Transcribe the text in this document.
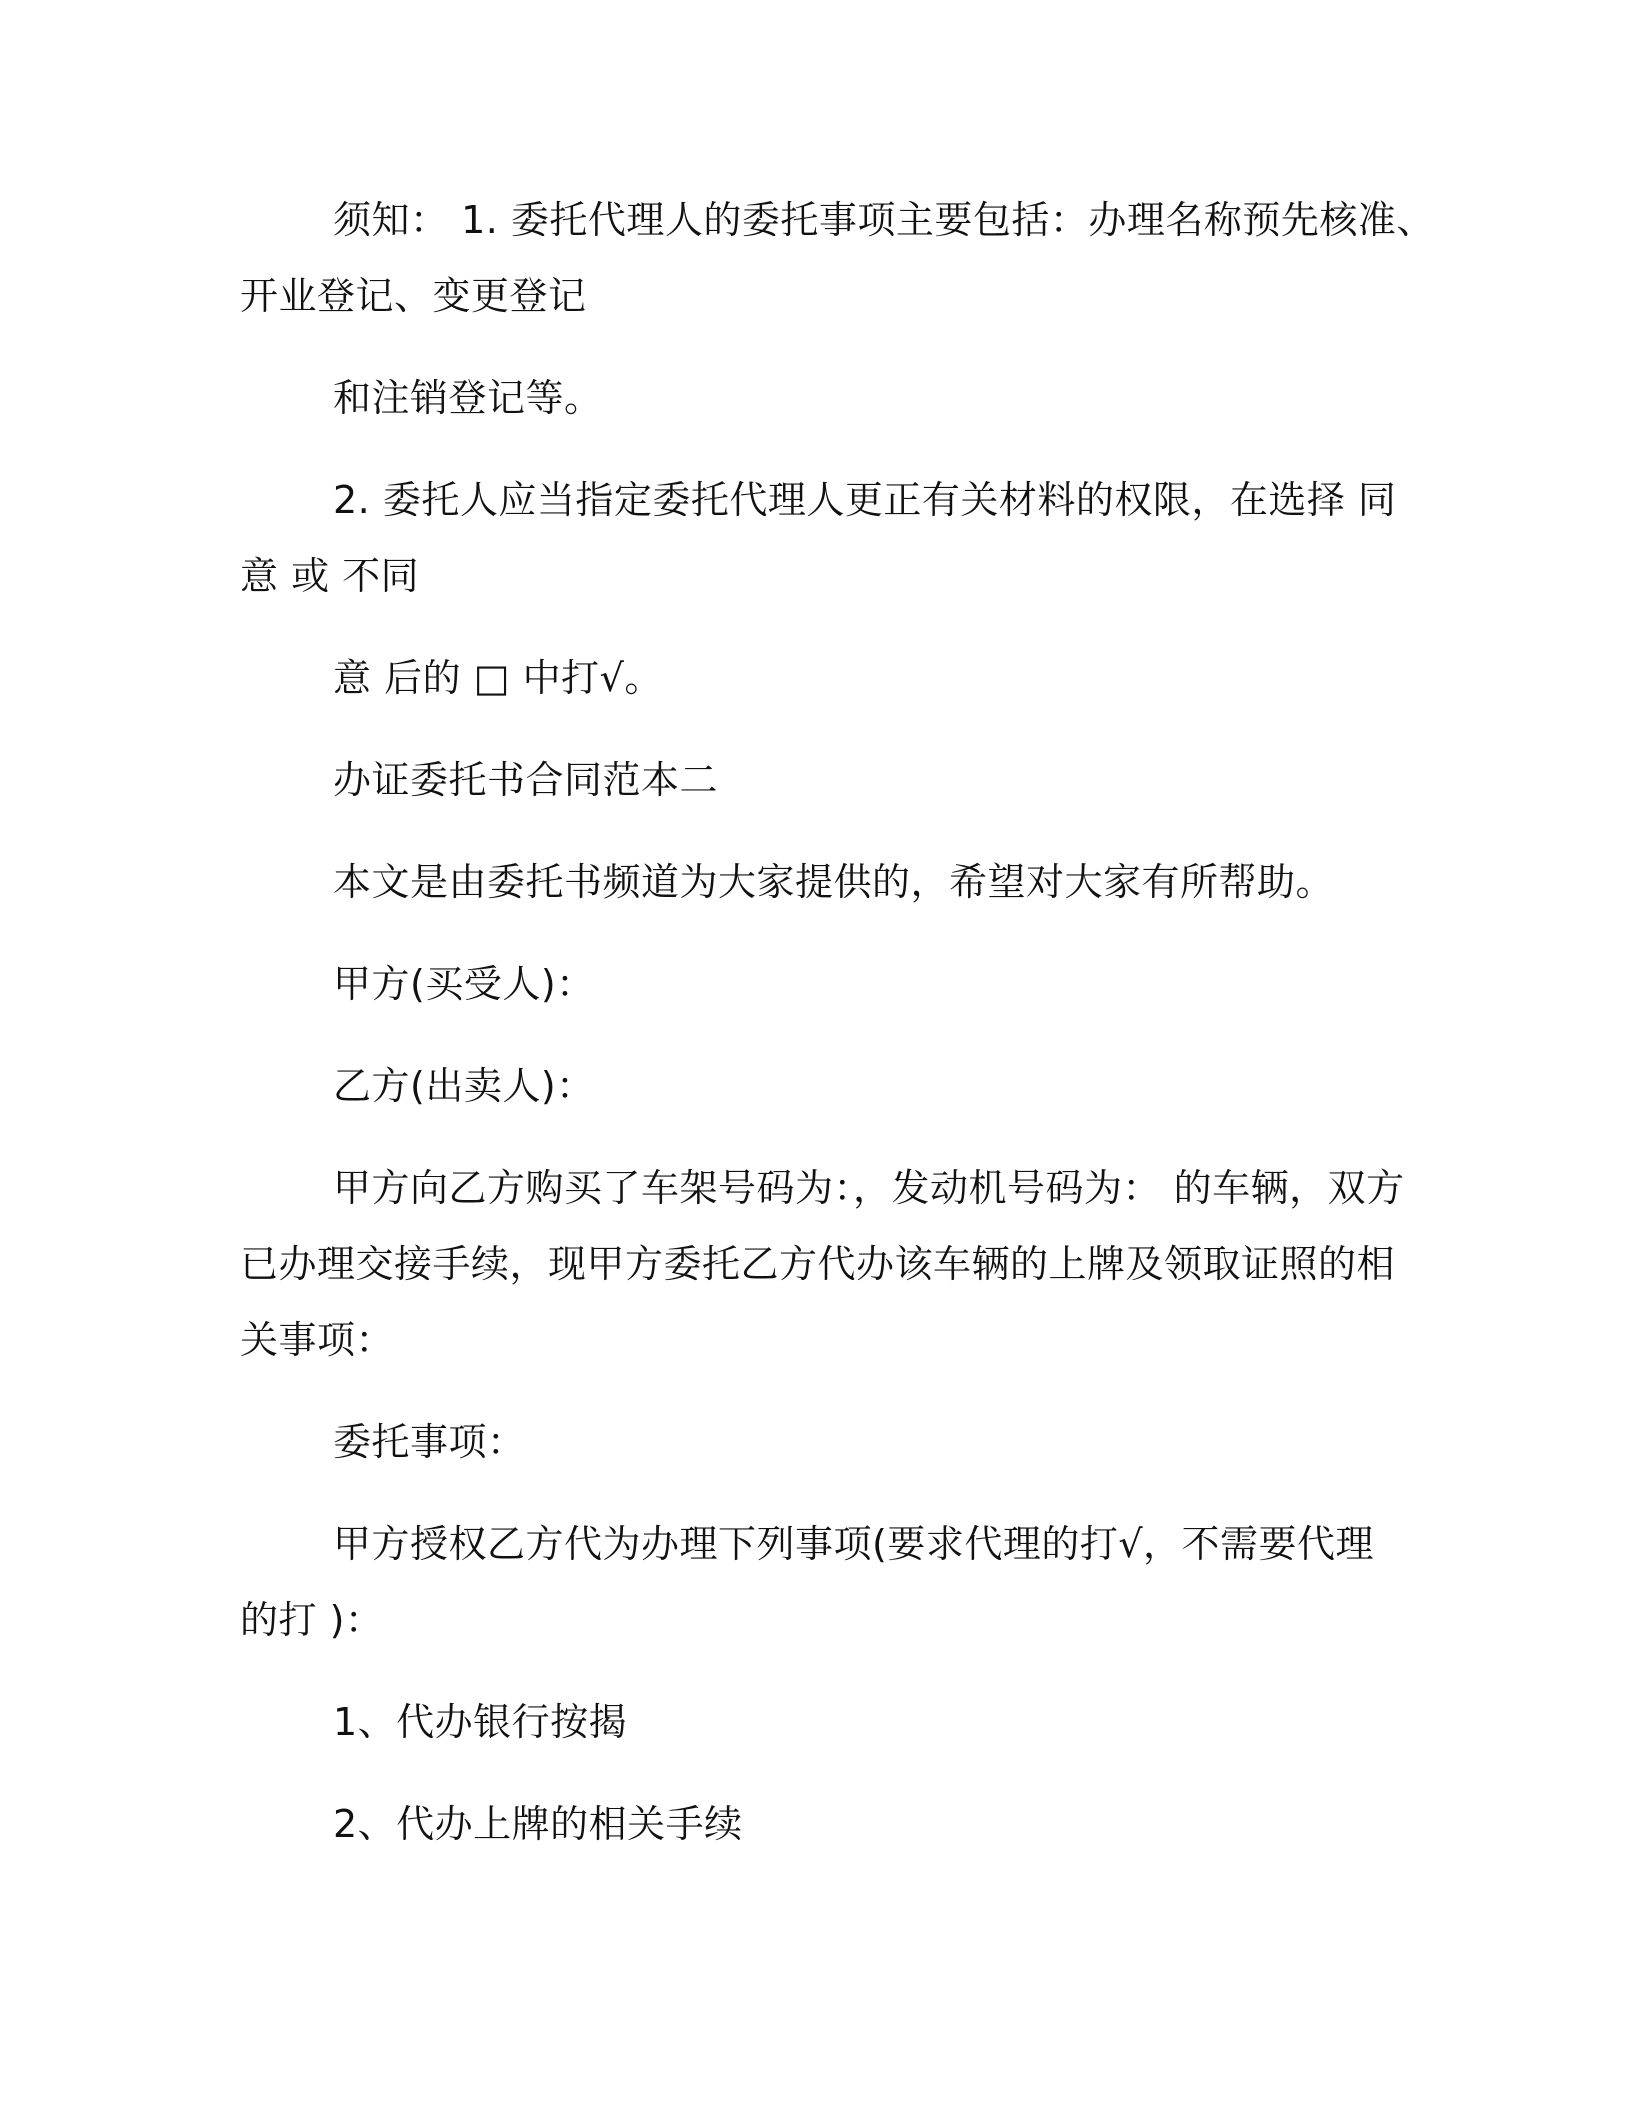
须知： 1. 委托代理人的委托事项主要包括：办理名称预先核准、
开业登记、变更登记
和注销登记等。
2. 委托人应当指定委托代理人更正有关材料的权限，在选择 同
意 或 不同
意 后的 □ 中打√。
办证委托书合同范本二
本文是由委托书频道为大家提供的，希望对大家有所帮助。
甲方(买受人)：
乙方(出卖人)：
甲方向乙方购买了车架号码为：，发动机号码为： 的车辆，双方
已办理交接手续，现甲方委托乙方代办该车辆的上牌及领取证照的相
关事项：
委托事项：
甲方授权乙方代为办理下列事项(要求代理的打√，不需要代理
的打 )：
1、代办银行按揭
2、代办上牌的相关手续
